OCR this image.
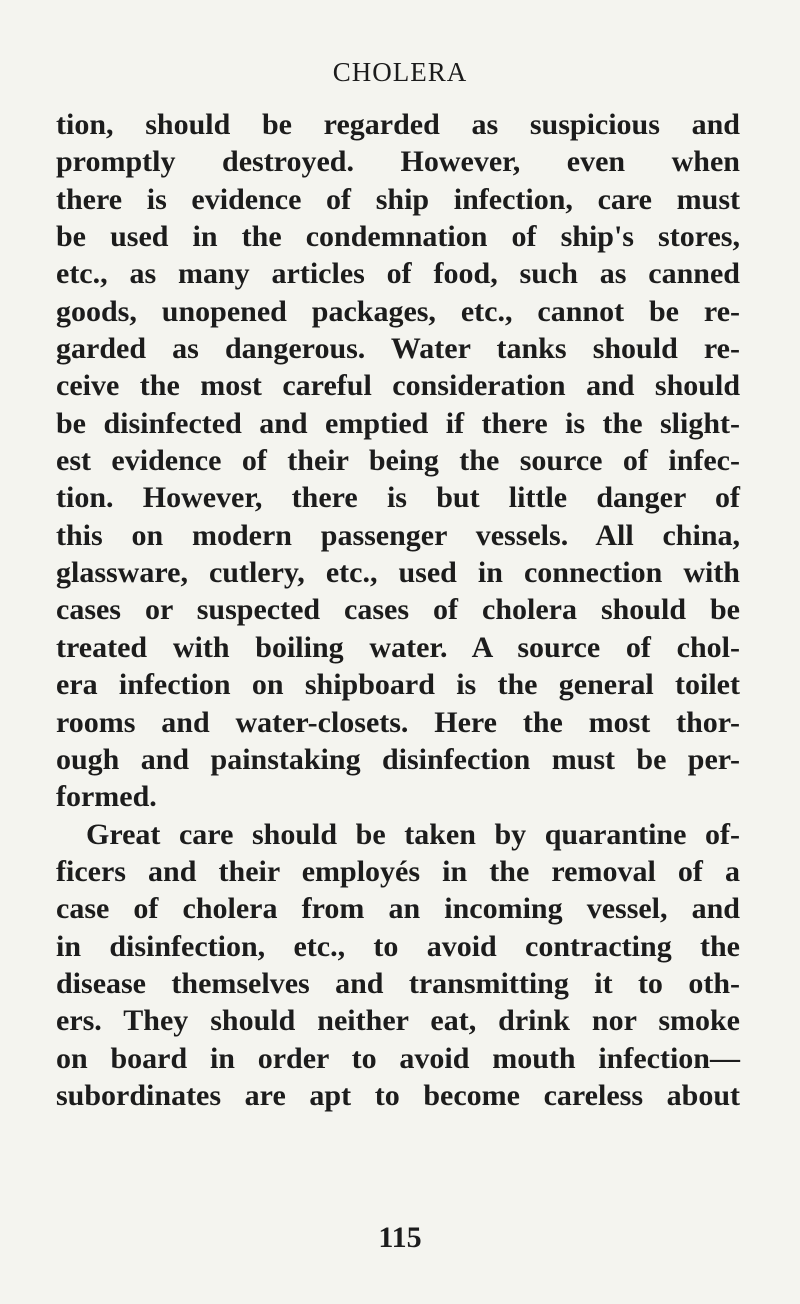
CHOLERA
tion, should be regarded as suspicious and
promptly destroyed. However, even when
there is evidence of ship infection, care must
be used in the condemnation of ship's stores,
etc., as many articles of food, such as canned
goods, unopened packages, etc., cannot be re-
garded as dangerous. Water tanks should re-
ceive the most careful consideration and should
be disinfected and emptied if there is the slight-
est evidence of their being the source of infec-
tion. However, there is but little danger of
this on modern passenger vessels. All china,
glassware, cutlery, etc., used in connection with
cases or suspected cases of cholera should be
treated with boiling water. A source of chol-
era infection on shipboard is the general toilet
rooms and water-closets. Here the most thor-
ough and painstaking disinfection must be per-
formed.
Great care should be taken by quarantine of-
ficers and their employés in the removal of a
case of cholera from an incoming vessel, and
in disinfection, etc., to avoid contracting the
disease themselves and transmitting it to oth-
ers. They should neither eat, drink nor smoke
on board in order to avoid mouth infection—
subordinates are apt to become careless about
115
